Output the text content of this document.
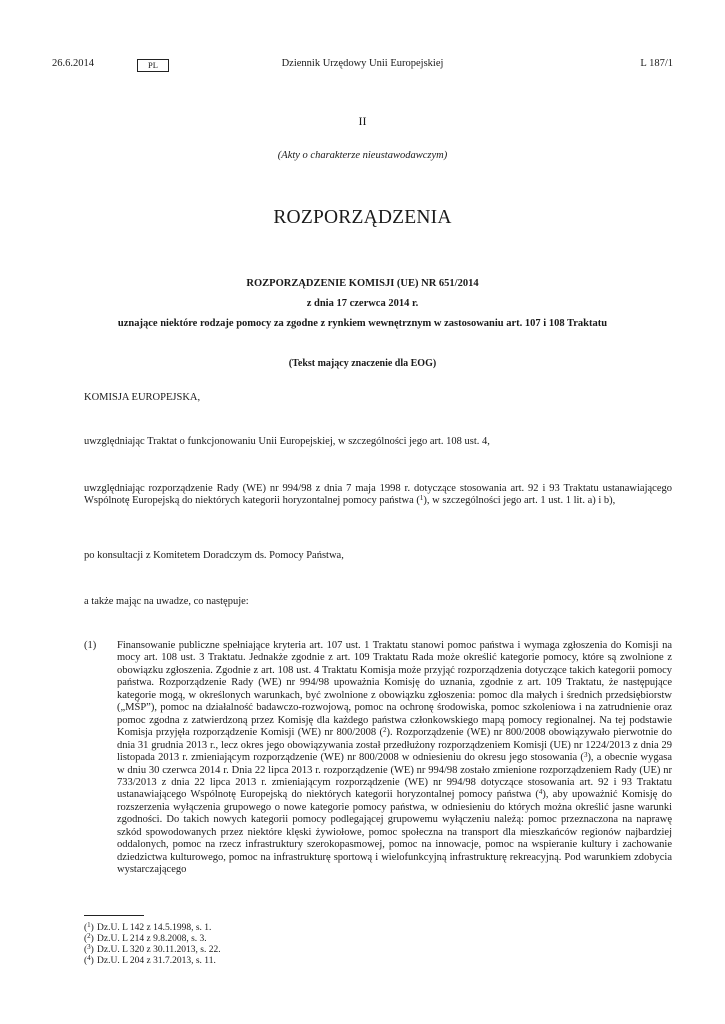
26.6.2014	PL	Dziennik Urzędowy Unii Europejskiej	L 187/1
II
(Akty o charakterze nieustawodawczym)
ROZPORZĄDZENIA
ROZPORZĄDZENIE KOMISJI (UE) NR 651/2014
z dnia 17 czerwca 2014 r.
uznające niektóre rodzaje pomocy za zgodne z rynkiem wewnętrznym w zastosowaniu art. 107 i 108 Traktatu
(Tekst mający znaczenie dla EOG)
KOMISJA EUROPEJSKA,
uwzględniając Traktat o funkcjonowaniu Unii Europejskiej, w szczególności jego art. 108 ust. 4,
uwzględniając rozporządzenie Rady (WE) nr 994/98 z dnia 7 maja 1998 r. dotyczące stosowania art. 92 i 93 Traktatu ustanawiającego Wspólnotę Europejską do niektórych kategorii horyzontalnej pomocy państwa ($^1$), w szczególności jego art. 1 ust. 1 lit. a) i b),
po konsultacji z Komitetem Doradczym ds. Pomocy Państwa,
a także mając na uwadze, co następuje:
(1) Finansowanie publiczne spełniające kryteria art. 107 ust. 1 Traktatu stanowi pomoc państwa i wymaga zgłoszenia do Komisji na mocy art. 108 ust. 3 Traktatu. Jednakże zgodnie z art. 109 Traktatu Rada może określić kategorie pomocy, które są zwolnione z obowiązku zgłoszenia. Zgodnie z art. 108 ust. 4 Traktatu Komisja może przyjąć rozporządzenia dotyczące takich kategorii pomocy państwa. Rozporządzenie Rady (WE) nr 994/98 upoważnia Komisję do uznania, zgodnie z art. 109 Traktatu, że następujące kategorie mogą, w określonych warunkach, być zwolnione z obowiązku zgłoszenia: pomoc dla małych i średnich przedsiębiorstw („MŚP”), pomoc na działalność badawczo-rozwojową, pomoc na ochronę środowiska, pomoc szkoleniowa i na zatrudnienie oraz pomoc zgodna z zatwierdzoną przez Komisję dla każdego państwa członkowskiego mapą pomocy regionalnej. Na tej podstawie Komisja przyjęła rozporządzenie Komisji (WE) nr 800/2008 ($^2$). Rozporządzenie (WE) nr 800/2008 obowiązywało pierwotnie do dnia 31 grudnia 2013 r., lecz okres jego obowiązywania został przedłużony rozporządzeniem Komisji (UE) nr 1224/2013 z dnia 29 listopada 2013 r. zmieniającym rozporządzenie (WE) nr 800/2008 w odniesieniu do okresu jego stosowania ($^3$), a obecnie wygasa w dniu 30 czerwca 2014 r. Dnia 22 lipca 2013 r. rozporządzenie (WE) nr 994/98 zostało zmienione rozporządzeniem Rady (UE) nr 733/2013 z dnia 22 lipca 2013 r. zmieniającym rozporządzenie (WE) nr 994/98 dotyczące stosowania art. 92 i 93 Traktatu ustanawiającego Wspólnotę Europejską do niektórych kategorii horyzontalnej pomocy państwa ($^4$), aby upoważnić Komisję do rozszerzenia wyłączenia grupowego o nowe kategorie pomocy państwa, w odniesieniu do których można określić jasne warunki zgodności. Do takich nowych kategorii pomocy podlegającej grupowemu wyłączeniu należą: pomoc przeznaczona na naprawę szkód spowodowanych przez niektóre klęski żywiołowe, pomoc społeczna na transport dla mieszkańców regionów najbardziej oddalonych, pomoc na rzecz infrastruktury szerokopasmowej, pomoc na innowacje, pomoc na wspieranie kultury i zachowanie dziedzictwa kulturowego, pomoc na infrastrukturę sportową i wielofunkcyjną infrastrukturę rekreacyjną. Pod warunkiem zdobycia wystarczającego
($^1$) Dz.U. L 142 z 14.5.1998, s. 1.
($^2$) Dz.U. L 214 z 9.8.2008, s. 3.
($^3$) Dz.U. L 320 z 30.11.2013, s. 22.
($^4$) Dz.U. L 204 z 31.7.2013, s. 11.
